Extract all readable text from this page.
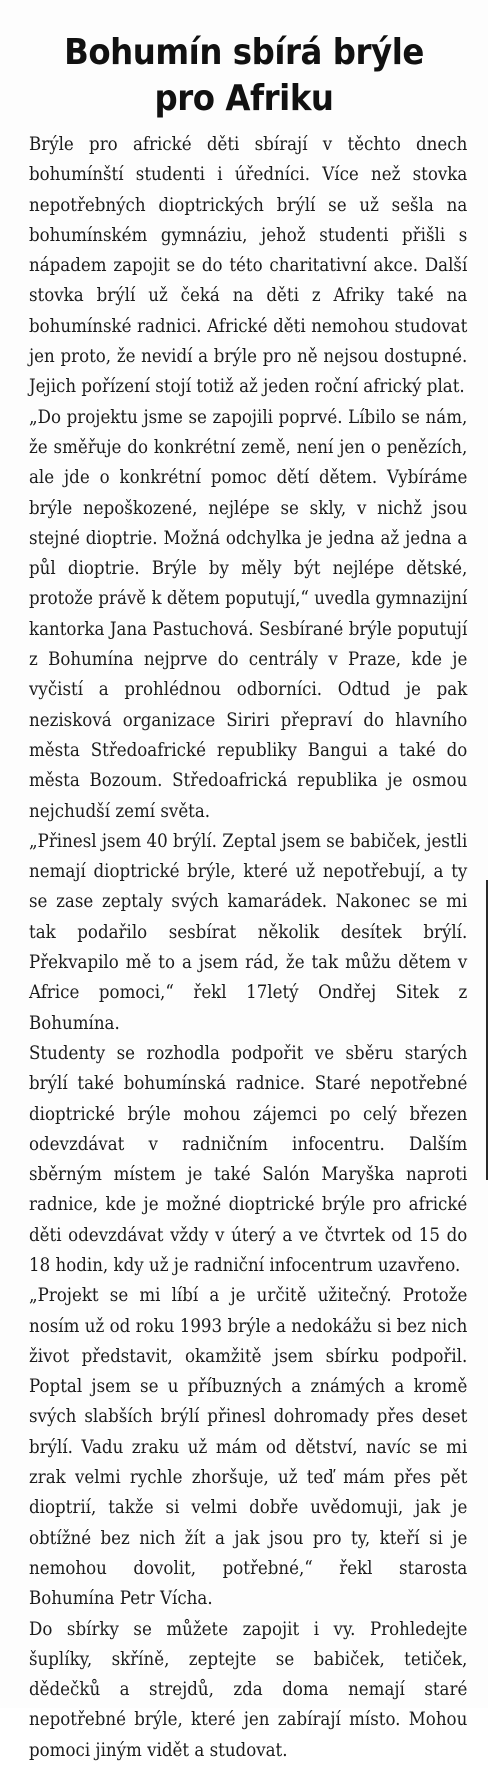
Bohumín sbírá brýle
pro Afriku

Brýle pro africké děti sbírají v těchto dnech bohumínští studenti i úředníci. Více než stovka nepotřebných dioptrických brýlí se už sešla na bohumínském gymnáziu, jehož studenti přišli s nápadem zapojit se do této charitativní akce. Další stovka brýlí už čeká na děti z Afriky také na bohumínské radnici. Africké děti nemohou studovat jen proto, že nevidí a brýle pro ně nejsou dostupné. Jejich pořízení stojí totiž až jeden roční africký plat.

„Do projektu jsme se zapojili poprvé. Líbilo se nám, že směřuje do konkrétní země, není jen o penězích, ale jde o konkrétní pomoc dětí dětem. Vybíráme brýle nepoškozené, nejlépe se skly, v nichž jsou stejné dioptrie. Možná odchylka je jedna až jedna a půl dioptrie. Brýle by měly být nejlépe dětské, protože právě k dětem poputují,“ uvedla gymnazijní kantorka Jana Pastuchová. Sesbírané brýle poputují z Bohumína nejprve do centrály v Praze, kde je vyčistí a prohlédnou odborníci. Odtud je pak nezisková organizace Siriri přepraví do hlavního města Středoafrické republiky Bangui a také do města Bozoum. Středoafrická republika je osmou nejchudší zemí světa.

„Přinesl jsem 40 brýlí. Zeptal jsem se babiček, jestli nemají dioptrické brýle, které už nepotřebují, a ty se zase zeptaly svých kamarádek. Nakonec se mi tak podařilo sesbírat několik desítek brýlí. Překvapilo mě to a jsem rád, že tak můžu dětem v Africe pomoci,“ řekl 17letý Ondřej Sitek z Bohumína.

Studenty se rozhodla podpořit ve sběru starých brýlí také bohumínská radnice. Staré nepotřebné dioptrické brýle mohou zájemci po celý březen odevzdávat v radničním infocentru. Dalším sběrným místem je také Salón Maryška naproti radnice, kde je možné dioptrické brýle pro africké děti odevzdávat vždy v úterý a ve čtvrtek od 15 do 18 hodin, kdy už je radniční infocentrum uzavřeno.

„Projekt se mi líbí a je určitě užitečný. Protože nosím už od roku 1993 brýle a nedokážu si bez nich život představit, okamžitě jsem sbírku podpořil. Poptal jsem se u příbuzných a známých a kromě svých slabších brýlí přinesl dohromady přes deset brýlí. Vadu zraku už mám od dětství, navíc se mi zrak velmi rychle zhoršuje, už teď mám přes pět dioptrií, takže si velmi dobře uvědomuji, jak je obtížné bez nich žít a jak jsou pro ty, kteří si je nemohou dovolit, potřebné,“ řekl starosta Bohumína Petr Vícha.

Do sbírky se můžete zapojit i vy. Prohledejte šuplíky, skříně, zeptejte se babiček, tetiček, dědečků a strejdů, zda doma nemají staré nepotřebné brýle, které jen zabírají místo. Mohou pomoci jiným vidět a studovat.
